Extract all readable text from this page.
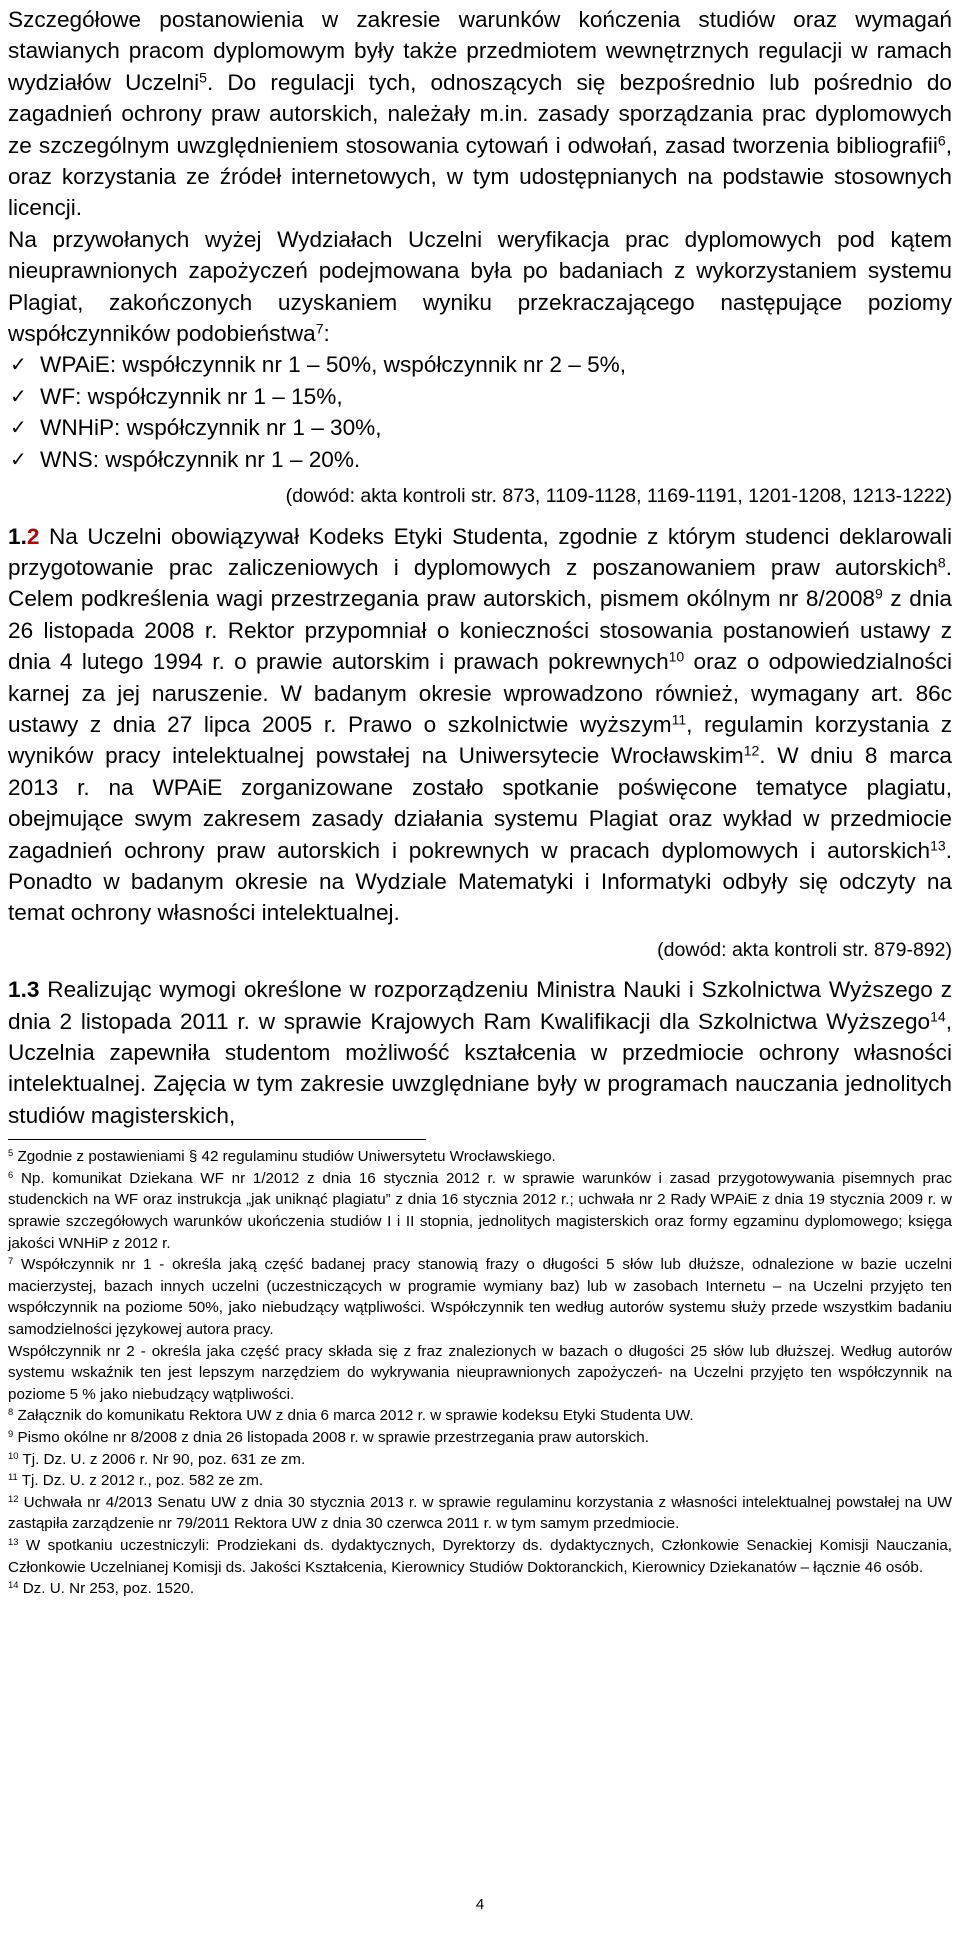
Szczegółowe postanowienia w zakresie warunków kończenia studiów oraz wymagań stawianych pracom dyplomowym były także przedmiotem wewnętrznych regulacji w ramach wydziałów Uczelni$^5$. Do regulacji tych, odnoszących się bezpośrednio lub pośrednio do zagadnień ochrony praw autorskich, należały m.in. zasady sporządzania prac dyplomowych ze szczególnym uwzględnieniem stosowania cytowań i odwołań, zasad tworzenia bibliografii$^6$, oraz korzystania ze źródeł internetowych, w tym udostępnianych na podstawie stosownych licencji.

Na przywołanych wyżej Wydziałach Uczelni weryfikacja prac dyplomowych pod kątem nieuprawnionych zapożyczeń podejmowana była po badaniach z wykorzystaniem systemu Plagiat, zakończonych uzyskaniem wyniku przekraczającego następujące poziomy współczynników podobieństwa$^7$:

✓ WPAiE: współczynnik nr 1 – 50%, współczynnik nr 2 – 5%,
✓ WF: współczynnik nr 1 – 15%,
✓ WNHiP: współczynnik nr 1 – 30%,
✓ WNS: współczynnik nr 1 – 20%.
(dowód: akta kontroli str. 873, 1109-1128, 1169-1191, 1201-1208, 1213-1222)

1.2 Na Uczelni obowiązywał Kodeks Etyki Studenta, zgodnie z którym studenci deklarowali przygotowanie prac zaliczeniowych i dyplomowych z poszanowaniem praw autorskich$^8$. Celem podkreślenia wagi przestrzegania praw autorskich, pismem okólnym nr 8/2008$^9$ z dnia 26 listopada 2008 r. Rektor przypomniał o konieczności stosowania postanowień ustawy z dnia 4 lutego 1994 r. o prawie autorskim i prawach pokrewnych$^{10}$ oraz o odpowiedzialności karnej za jej naruszenie. W badanym okresie wprowadzono również, wymagany art. 86c ustawy z dnia 27 lipca 2005 r. Prawo o szkolnictwie wyższym$^{11}$, regulamin korzystania z wyników pracy intelektualnej powstałej na Uniwersytecie Wrocławskim$^{12}$. W dniu 8 marca 2013 r. na WPAiE zorganizowane zostało spotkanie poświęcone tematyce plagiatu, obejmujące swym zakresem zasady działania systemu Plagiat oraz wykład w przedmiocie zagadnień ochrony praw autorskich i pokrewnych w pracach dyplomowych i autorskich$^{13}$. Ponadto w badanym okresie na Wydziale Matematyki i Informatyki odbyły się odczyty na temat ochrony własności intelektualnej.

(dowód: akta kontroli str. 879-892)

1.3 Realizując wymogi określone w rozporządzeniu Ministra Nauki i Szkolnictwa Wyższego z dnia 2 listopada 2011 r. w sprawie Krajowych Ram Kwalifikacji dla Szkolnictwa Wyższego$^{14}$, Uczelnia zapewniła studentom możliwość kształcenia w przedmiocie ochrony własności intelektualnej. Zajęcia w tym zakresie uwzględniane były w programach nauczania jednolitych studiów magisterskich,

$^5$ Zgodnie z postawieniami § 42 regulaminu studiów Uniwersytetu Wrocławskiego.

$^6$ Np. komunikat Dziekana WF nr 1/2012 z dnia 16 stycznia 2012 r. w sprawie warunków i zasad przygotowywania pisemnych prac studenckich na WF oraz instrukcja „jak uniknąć plagiatu” z dnia 16 stycznia 2012 r.; uchwała nr 2 Rady WPAiE z dnia 19 stycznia 2009 r. w sprawie szczegółowych warunków ukończenia studiów I i II stopnia, jednolitych magisterskich oraz formy egzaminu dyplomowego; księga jakości WNHiP z 2012 r.

$^7$ Współczynnik nr 1 - określa jaką część badanej pracy stanowią frazy o długości 5 słów lub dłuższe, odnalezione w bazie uczelni macierzystej, bazach innych uczelni (uczestniczących w programie wymiany baz) lub w zasobach Internetu – na Uczelni przyjęto ten współczynnik na poziome 50%, jako niebudzący wątpliwości. Współczynnik ten według autorów systemu służy przede wszystkim badaniu samodzielności językowej autora pracy.

Współczynnik nr 2 - określa jaka część pracy składa się z fraz znalezionych w bazach o długości 25 słów lub dłuższej. Według autorów systemu wskaźnik ten jest lepszym narzędziem do wykrywania nieuprawnionych zapożyczeń- na Uczelni przyjęto ten współczynnik na poziome 5 % jako niebudzący wątpliwości.

$^8$ Załącznik do komunikatu Rektora UW z dnia 6 marca 2012 r. w sprawie kodeksu Etyki Studenta UW.

$^9$ Pismo okólne nr 8/2008 z dnia 26 listopada 2008 r. w sprawie przestrzegania praw autorskich.

$^{10}$ Tj. Dz. U. z 2006 r. Nr 90, poz. 631 ze zm.

$^{11}$ Tj. Dz. U. z 2012 r., poz. 582 ze zm.

$^{12}$ Uchwała nr 4/2013 Senatu UW z dnia 30 stycznia 2013 r. w sprawie regulaminu korzystania z własności intelektualnej powstałej na UW zastąpiła zarządzenie nr 79/2011 Rektora UW z dnia 30 czerwca 2011 r. w tym samym przedmiocie.

$^{13}$ W spotkaniu uczestniczyli: Prodziekani ds. dydaktycznych, Dyrektorzy ds. dydaktycznych, Członkowie Senackiej Komisji Nauczania, Członkowie Uczelnianej Komisji ds. Jakości Kształcenia, Kierownicy Studiów Doktoranckich, Kierownicy Dziekanatów – łącznie 46 osób.

$^{14}$ Dz. U. Nr 253, poz. 1520.

4
